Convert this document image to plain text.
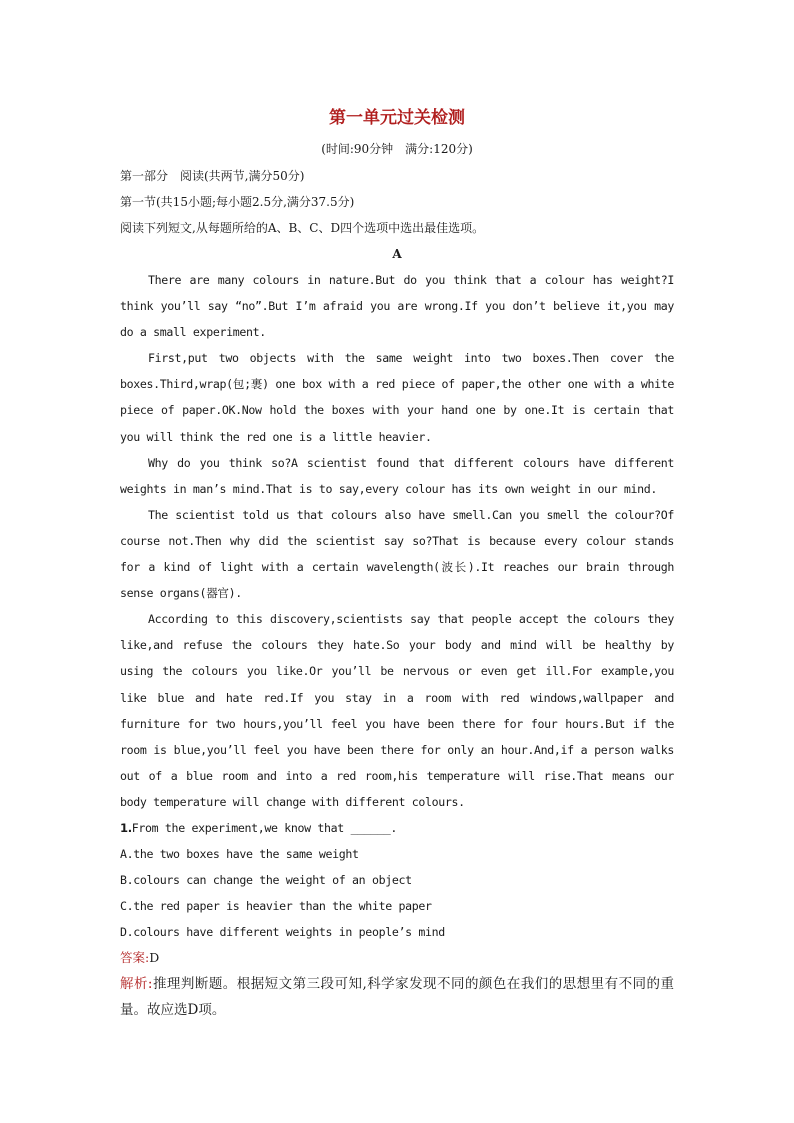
第一单元过关检测

(时间:90分钟　满分:120分)

第一部分　阅读(共两节,满分50分)

第一节(共15小题;每小题2.5分,满分37.5分)

阅读下列短文,从每题所给的A、B、C、D四个选项中选出最佳选项。

A

There are many colours in nature.But do you think that a colour has weight?I think you’ll say “no”.But I’m afraid you are wrong.If you don’t believe it,you may do a small experiment.

First,put two objects with the same weight into two boxes.Then cover the boxes.Third,wrap(包;裹) one box with a red piece of paper,the other one with a white piece of paper.OK.Now hold the boxes with your hand one by one.It is certain that you will think the red one is a little heavier.

Why do you think so?A scientist found that different colours have different weights in man’s mind.That is to say,every colour has its own weight in our mind.

The scientist told us that colours also have smell.Can you smell the colour?Of course not.Then why did the scientist say so?That is because every colour stands for a kind of light with a certain wavelength(波长).It reaches our brain through sense organs(器官).

According to this discovery,scientists say that people accept the colours they like,and refuse the colours they hate.So your body and mind will be healthy by using the colours you like.Or you’ll be nervous or even get ill.For example,you like blue and hate red.If you stay in a room with red windows,wallpaper and furniture for two hours,you’ll feel you have been there for four hours.But if the room is blue,you’ll feel you have been there for only an hour.And,if a person walks out of a blue room and into a red room,his temperature will rise.That means our body temperature will change with different colours.

1.From the experiment,we know that ______.

A.the two boxes have the same weight

B.colours can change the weight of an object

C.the red paper is heavier than the white paper

D.colours have different weights in people’s mind

答案:D

解析:推理判断题。根据短文第三段可知,科学家发现不同的颜色在我们的思想里有不同的重量。故应选D项。
